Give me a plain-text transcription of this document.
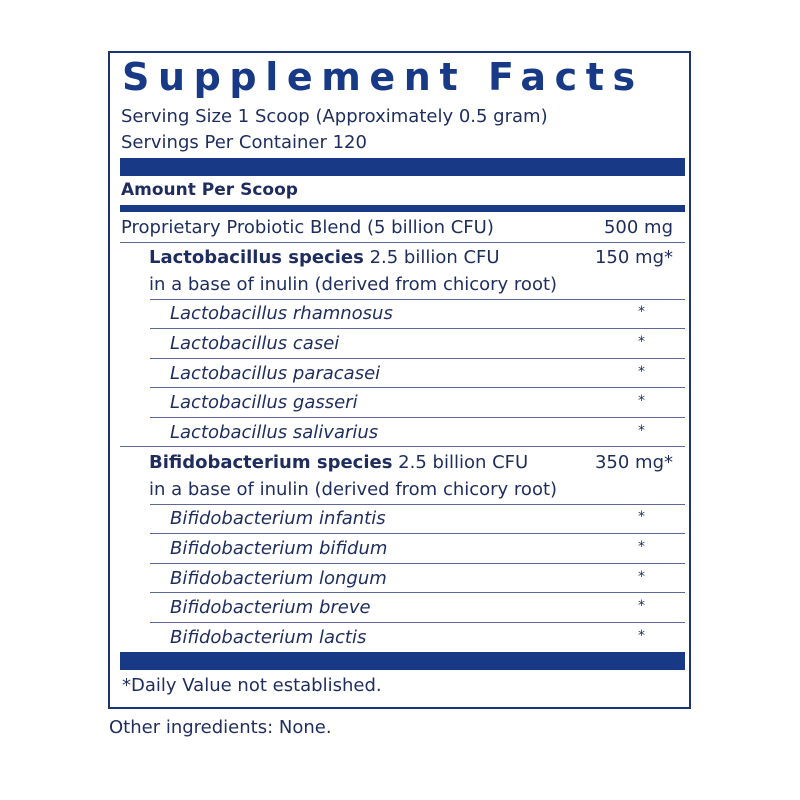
Supplement Facts
Serving Size 1 Scoop (Approximately 0.5 gram)
Servings Per Container 120
Amount Per Scoop
Proprietary Probiotic Blend (5 billion CFU)	500 mg
Lactobacillus species 2.5 billion CFU	150 mg*
in a base of inulin (derived from chicory root)
Lactobacillus rhamnosus	*
Lactobacillus casei	*
Lactobacillus paracasei	*
Lactobacillus gasseri	*
Lactobacillus salivarius	*
Bifidobacterium species 2.5 billion CFU	350 mg*
in a base of inulin (derived from chicory root)
Bifidobacterium infantis	*
Bifidobacterium bifidum	*
Bifidobacterium longum	*
Bifidobacterium breve	*
Bifidobacterium lactis	*
*Daily Value not established.
Other ingredients: None.
